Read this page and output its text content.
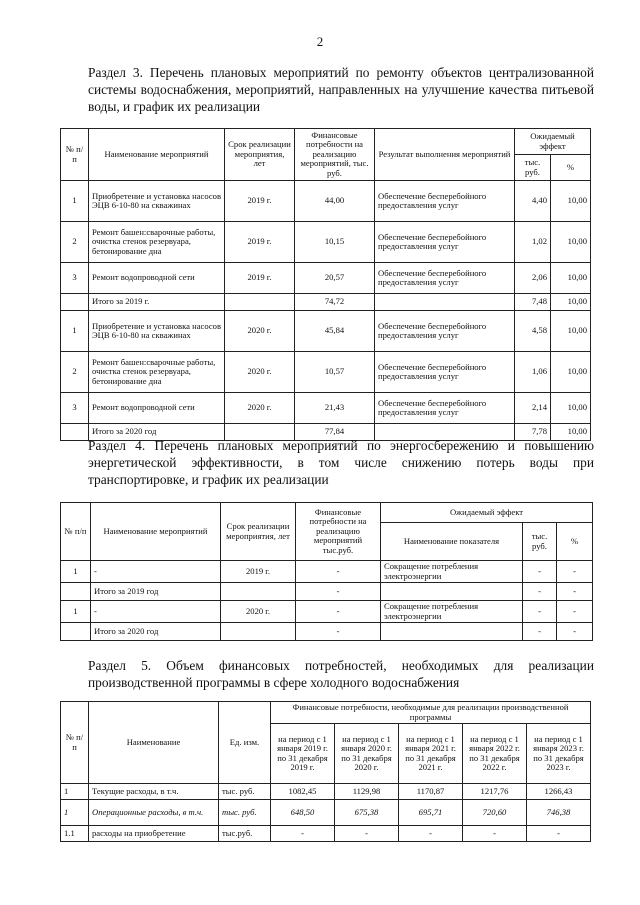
2
Раздел 3. Перечень плановых мероприятий по ремонту объектов централизованной системы водоснабжения, мероприятий, направленных на улучшение качества питьевой воды, и график их реализации
№ п/п	Наименование мероприятий	Срок реализации мероприятия, лет	Финансовые потребности на реализацию мероприятий, тыс. руб.	Результат выполнения мероприятий	Ожидаемый эффект	
					тыс. руб.	%
1	Приобретение и установка насосов ЭЦВ 6-10-80 на скважинах	2019 г.	44,00	Обеспечение бесперебойного предоставления услуг	4,40	10,00
2	Ремонт башен:сварочные работы, очистка стенок резервуара, бетонирование дна	2019 г.	10,15	Обеспечение бесперебойного предоставления услуг	1,02	10,00
3	Ремонт водопроводной сети	2019 г.	20,57	Обеспечение бесперебойного предоставления услуг	2,06	10,00
	Итого за 2019 г.		74,72		7,48	10,00
1	Приобретение и установка насосов ЭЦВ 6-10-80 на скважинах	2020 г.	45,84	Обеспечение бесперебойного предоставления услуг	4,58	10,00
2	Ремонт башен:сварочные работы, очистка стенок резервуара, бетонирование дна	2020 г.	10,57	Обеспечение бесперебойного предоставления услуг	1,06	10,00
3	Ремонт водопроводной сети	2020 г.	21,43	Обеспечение бесперебойного предоставления услуг	2,14	10,00
	Итого за 2020 год		77,84		7,78	10,00
Раздел 4. Перечень плановых мероприятий по энергосбережению и повышению энергетической эффективности, в том числе снижению потерь воды при транспортировке, и график их реализации
№ п/п	Наименование мероприятий	Срок реализации мероприятия, лет	Финансовые потребности на реализацию мероприятий тыс.руб.	Ожидаемый эффект		
				Наименование показателя	тыс. руб.	%
1	-	2019 г.	-	Сокращение потребления электроэнергии	-	-
	Итого за 2019 год		-		-	-
1	-	2020 г.	-	Сокращение потребления электроэнергии	-	-
	Итого за 2020 год		-		-	-
Раздел 5. Объем финансовых потребностей, необходимых для реализации производственной программы в сфере холодного водоснабжения
№ п/п	Наименование	Ед. изм.	Финансовые потребности, необходимые для реализации производственной программы				
			на период с 1 января 2019 г. по 31 декабря 2019 г.	на период с 1 января 2020 г. по 31 декабря 2020 г.	на период с 1 января 2021 г. по 31 декабря 2021 г.	на период с 1 января 2022 г. по 31 декабря 2022 г.	на период с 1 января 2023 г. по 31 декабря 2023 г.
1	Текущие расходы, в т.ч.	тыс. руб.	1082,45	1129,98	1170,87	1217,76	1266,43
1	Операционные расходы, в т.ч.	тыс. руб.	648,50	675,38	695,71	720,60	746,38
1.1	расходы на приобретение	тыс.руб.	-	-	-	-	-
